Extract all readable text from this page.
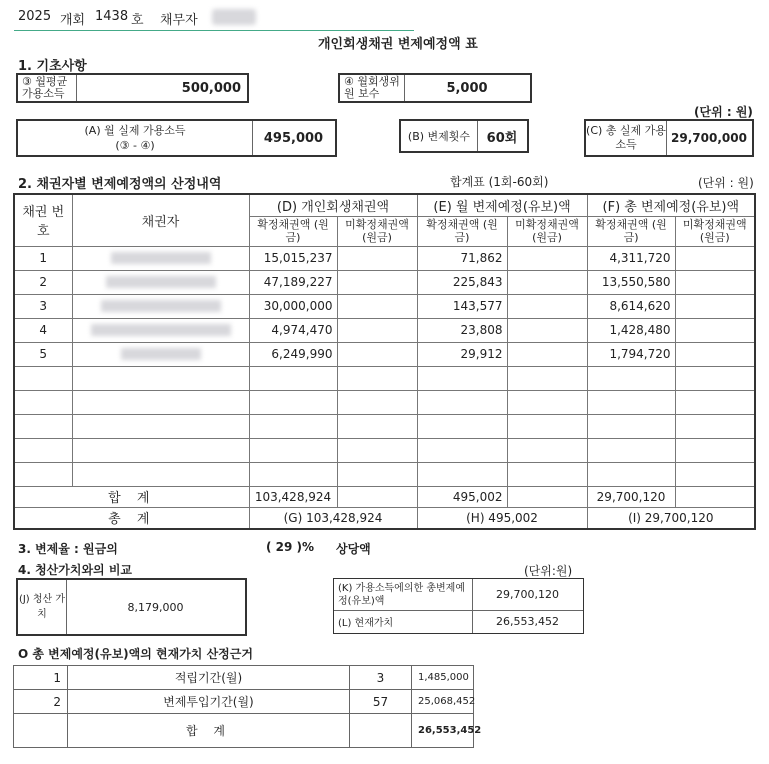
2025 개회 1438 호 채무자
개인회생채권 변제예정액 표
1. 기초사항
③ 월평균 가용소득	500,000	④ 월회생위원 보수	5,000
(단위 : 원)
(A) 월 실제 가용소득
(③ - ④)	495,000	(B) 변제횟수	60회	(C) 총 실제 가용소득	29,700,000
2. 채권자별 변제예정액의 산정내역	합계표 (1회-60회)	(단위 : 원)
채권 번호	채권자	(D) 개인회생채권액		(E) 월 변제예정(유보)액		(F) 총 변제예정(유보)액	
		확정채권액 (원금)	미확정채권액 (원금)	확정채권액 (원금)	미확정채권액 (원금)	확정채권액 (원금)	미확정채권액 (원금)
1		15,015,237		71,862		4,311,720	
2		47,189,227		225,843		13,550,580	
3		30,000,000		143,577		8,614,620	
4		4,974,470		23,808		1,428,480	
5		6,249,990		29,912		1,794,720	

합 계		103,428,924		495,002		29,700,120	
총 계		(G) 103,428,924		(H) 495,002		(I) 29,700,120	
3. 변제율 : 원금의	( 29 )% 상당액
4. 청산가치와의 비교	(단위:원)
(J) 청산 가치
8,179,000
(K) 가용소득에의한 총변제예정(유보)액	29,700,120
(L) 현재가치	26,553,452
O 총 변제예정(유보)액의 현재가치 산정근거
1	적립기간(월)	3	1,485,000
2	변제투입기간(월)	57	25,068,452
	합 계		26,553,452
